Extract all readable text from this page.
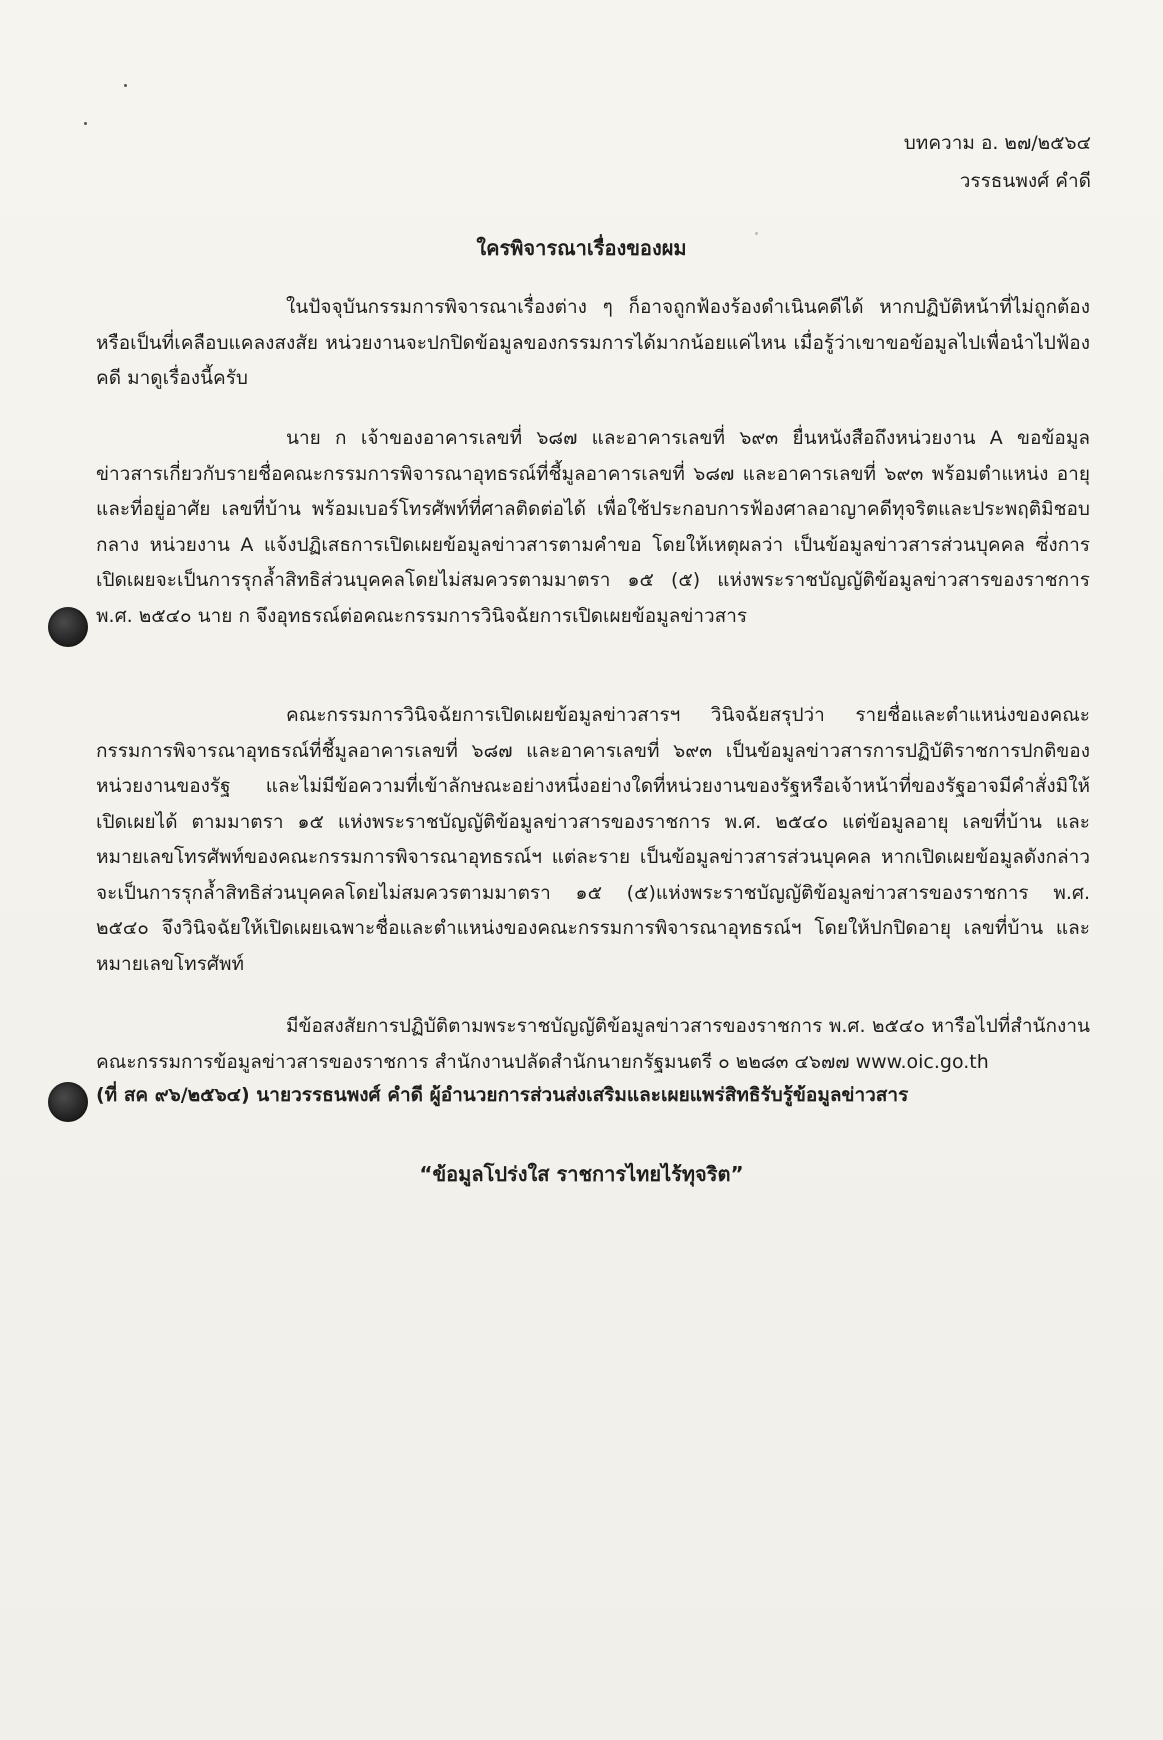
บทความ อ. ๒๗/๒๕๖๔
วรรธนพงศ์ คำดี
ใครพิจารณาเรื่องของผม

ในปัจจุบันกรรมการพิจารณาเรื่องต่าง ๆ ก็อาจถูกฟ้องร้องดำเนินคดีได้ หากปฏิบัติหน้าที่ไม่ถูกต้อง หรือเป็นที่เคลือบแคลงสงสัย หน่วยงานจะปกปิดข้อมูลของกรรมการได้มากน้อยแค่ไหน เมื่อรู้ว่าเขาขอข้อมูลไปเพื่อนำไปฟ้องคดี มาดูเรื่องนี้ครับ

นาย ก เจ้าของอาคารเลขที่ ๖๘๗ และอาคารเลขที่ ๖๙๓ ยื่นหนังสือถึงหน่วยงาน A ขอข้อมูลข่าวสารเกี่ยวกับรายชื่อคณะกรรมการพิจารณาอุทธรณ์ที่ชี้มูลอาคารเลขที่ ๖๘๗ และอาคารเลขที่ ๖๙๓ พร้อมตำแหน่ง อายุ และที่อยู่อาศัย เลขที่บ้าน พร้อมเบอร์โทรศัพท์ที่ศาลติดต่อได้ เพื่อใช้ประกอบการฟ้องศาลอาญาคดีทุจริตและประพฤติมิชอบกลาง หน่วยงาน A แจ้งปฏิเสธการเปิดเผยข้อมูลข่าวสารตามคำขอ โดยให้เหตุผลว่า เป็นข้อมูลข่าวสารส่วนบุคคล ซึ่งการเปิดเผยจะเป็นการรุกล้ำสิทธิส่วนบุคคลโดยไม่สมควรตามมาตรา ๑๕ (๕) แห่งพระราชบัญญัติข้อมูลข่าวสารของราชการ พ.ศ. ๒๕๔๐ นาย ก จึงอุทธรณ์ต่อคณะกรรมการวินิจฉัยการเปิดเผยข้อมูลข่าวสาร

คณะกรรมการวินิจฉัยการเปิดเผยข้อมูลข่าวสารฯ วินิจฉัยสรุปว่า รายชื่อและตำแหน่งของคณะกรรมการพิจารณาอุทธรณ์ที่ชี้มูลอาคารเลขที่ ๖๘๗ และอาคารเลขที่ ๖๙๓ เป็นข้อมูลข่าวสารการปฏิบัติราชการปกติของหน่วยงานของรัฐ และไม่มีข้อความที่เข้าลักษณะอย่างหนึ่งอย่างใดที่หน่วยงานของรัฐหรือเจ้าหน้าที่ของรัฐอาจมีคำสั่งมิให้เปิดเผยได้ ตามมาตรา ๑๕ แห่งพระราชบัญญัติข้อมูลข่าวสารของราชการ พ.ศ. ๒๕๔๐ แต่ข้อมูลอายุ เลขที่บ้าน และหมายเลขโทรศัพท์ของคณะกรรมการพิจารณาอุทธรณ์ฯ แต่ละราย เป็นข้อมูลข่าวสารส่วนบุคคล หากเปิดเผยข้อมูลดังกล่าวจะเป็นการรุกล้ำสิทธิส่วนบุคคลโดยไม่สมควรตามมาตรา ๑๕ (๕)แห่งพระราชบัญญัติข้อมูลข่าวสารของราชการ พ.ศ. ๒๕๔๐ จึงวินิจฉัยให้เปิดเผยเฉพาะชื่อและตำแหน่งของคณะกรรมการพิจารณาอุทธรณ์ฯ โดยให้ปกปิดอายุ เลขที่บ้าน และหมายเลขโทรศัพท์

มีข้อสงสัยการปฏิบัติตามพระราชบัญญัติข้อมูลข่าวสารของราชการ พ.ศ. ๒๕๔๐ หารือไปที่สำนักงานคณะกรรมการข้อมูลข่าวสารของราชการ สำนักงานปลัดสำนักนายกรัฐมนตรี ๐ ๒๒๘๓ ๔๖๗๗ www.oic.go.th

(ที่ สค ๙๖/๒๕๖๔) นายวรรธนพงศ์ คำดี ผู้อำนวยการส่วนส่งเสริมและเผยแพร่สิทธิรับรู้ข้อมูลข่าวสาร
“ข้อมูลโปร่งใส ราชการไทยไร้ทุจริต”
